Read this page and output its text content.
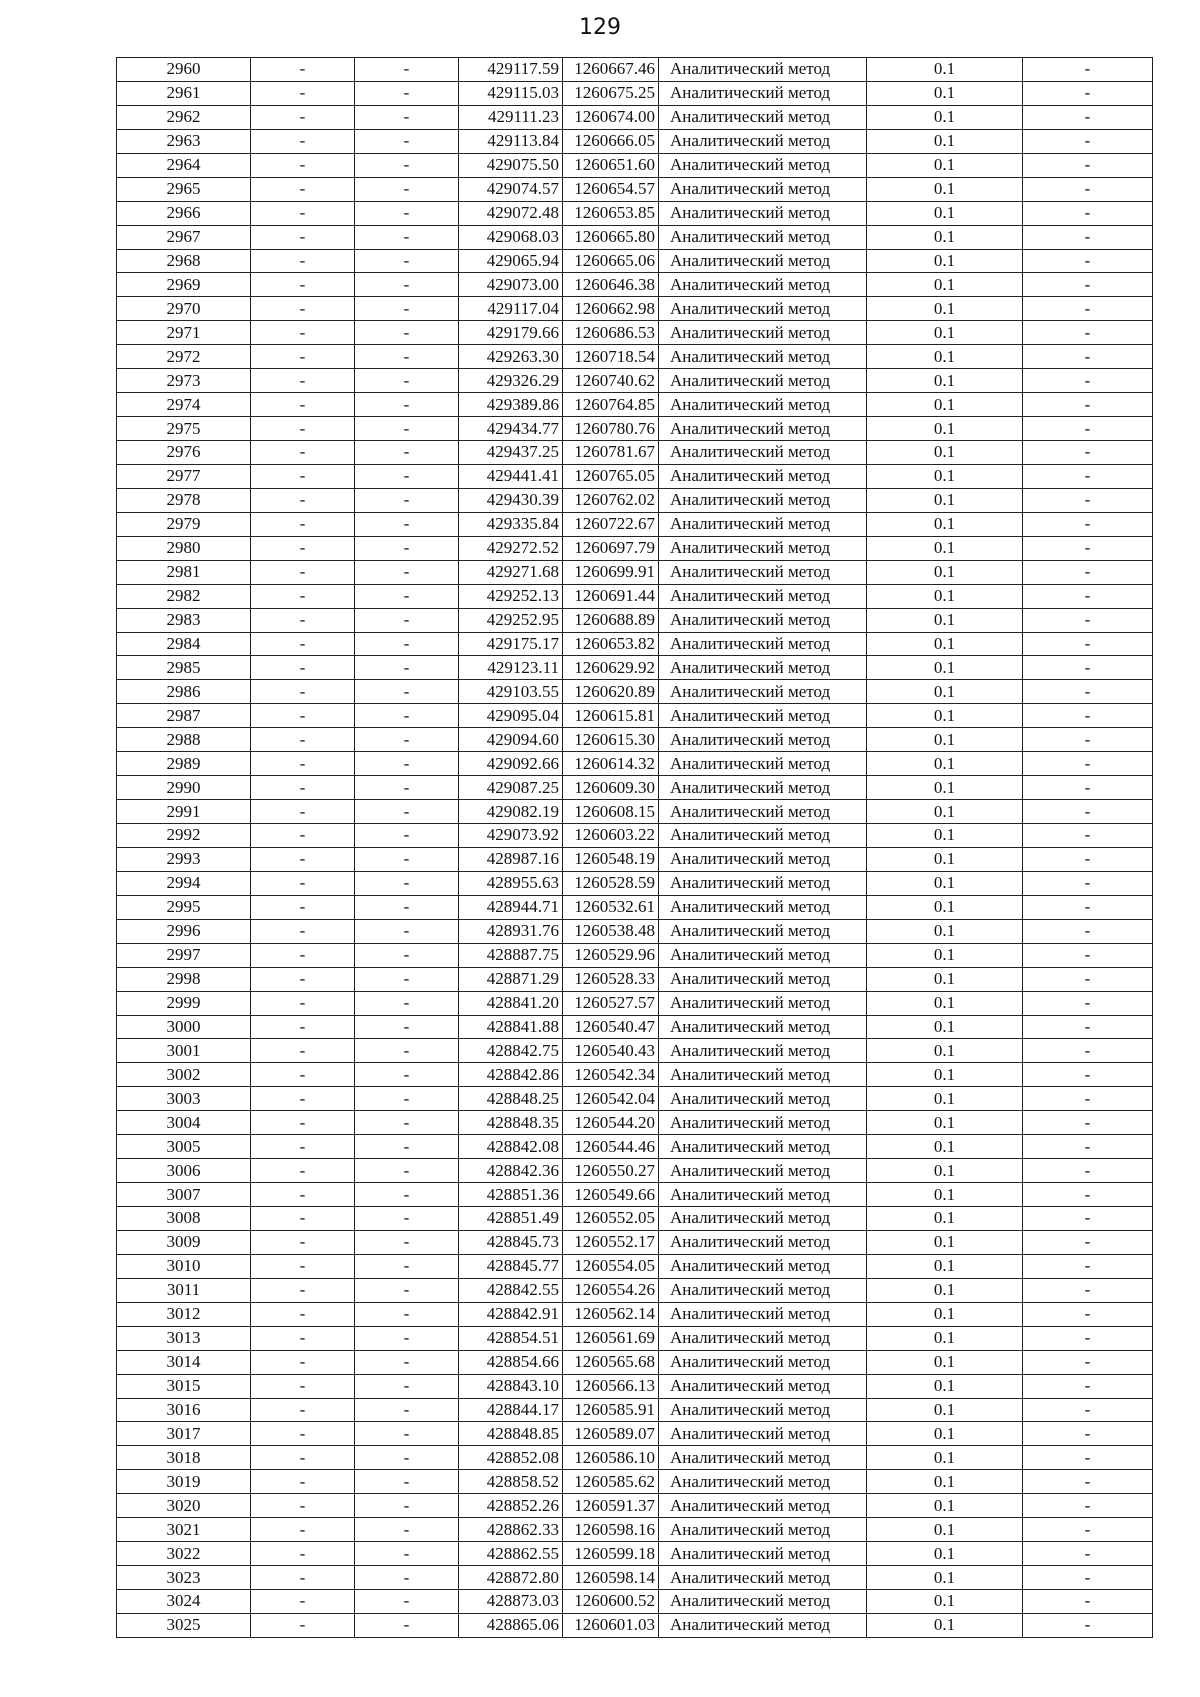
129
2960	-	-	429117.59	1260667.46	Аналитический метод	0.1	-
2961	-	-	429115.03	1260675.25	Аналитический метод	0.1	-
2962	-	-	429111.23	1260674.00	Аналитический метод	0.1	-
2963	-	-	429113.84	1260666.05	Аналитический метод	0.1	-
2964	-	-	429075.50	1260651.60	Аналитический метод	0.1	-
2965	-	-	429074.57	1260654.57	Аналитический метод	0.1	-
2966	-	-	429072.48	1260653.85	Аналитический метод	0.1	-
2967	-	-	429068.03	1260665.80	Аналитический метод	0.1	-
2968	-	-	429065.94	1260665.06	Аналитический метод	0.1	-
2969	-	-	429073.00	1260646.38	Аналитический метод	0.1	-
2970	-	-	429117.04	1260662.98	Аналитический метод	0.1	-
2971	-	-	429179.66	1260686.53	Аналитический метод	0.1	-
2972	-	-	429263.30	1260718.54	Аналитический метод	0.1	-
2973	-	-	429326.29	1260740.62	Аналитический метод	0.1	-
2974	-	-	429389.86	1260764.85	Аналитический метод	0.1	-
2975	-	-	429434.77	1260780.76	Аналитический метод	0.1	-
2976	-	-	429437.25	1260781.67	Аналитический метод	0.1	-
2977	-	-	429441.41	1260765.05	Аналитический метод	0.1	-
2978	-	-	429430.39	1260762.02	Аналитический метод	0.1	-
2979	-	-	429335.84	1260722.67	Аналитический метод	0.1	-
2980	-	-	429272.52	1260697.79	Аналитический метод	0.1	-
2981	-	-	429271.68	1260699.91	Аналитический метод	0.1	-
2982	-	-	429252.13	1260691.44	Аналитический метод	0.1	-
2983	-	-	429252.95	1260688.89	Аналитический метод	0.1	-
2984	-	-	429175.17	1260653.82	Аналитический метод	0.1	-
2985	-	-	429123.11	1260629.92	Аналитический метод	0.1	-
2986	-	-	429103.55	1260620.89	Аналитический метод	0.1	-
2987	-	-	429095.04	1260615.81	Аналитический метод	0.1	-
2988	-	-	429094.60	1260615.30	Аналитический метод	0.1	-
2989	-	-	429092.66	1260614.32	Аналитический метод	0.1	-
2990	-	-	429087.25	1260609.30	Аналитический метод	0.1	-
2991	-	-	429082.19	1260608.15	Аналитический метод	0.1	-
2992	-	-	429073.92	1260603.22	Аналитический метод	0.1	-
2993	-	-	428987.16	1260548.19	Аналитический метод	0.1	-
2994	-	-	428955.63	1260528.59	Аналитический метод	0.1	-
2995	-	-	428944.71	1260532.61	Аналитический метод	0.1	-
2996	-	-	428931.76	1260538.48	Аналитический метод	0.1	-
2997	-	-	428887.75	1260529.96	Аналитический метод	0.1	-
2998	-	-	428871.29	1260528.33	Аналитический метод	0.1	-
2999	-	-	428841.20	1260527.57	Аналитический метод	0.1	-
3000	-	-	428841.88	1260540.47	Аналитический метод	0.1	-
3001	-	-	428842.75	1260540.43	Аналитический метод	0.1	-
3002	-	-	428842.86	1260542.34	Аналитический метод	0.1	-
3003	-	-	428848.25	1260542.04	Аналитический метод	0.1	-
3004	-	-	428848.35	1260544.20	Аналитический метод	0.1	-
3005	-	-	428842.08	1260544.46	Аналитический метод	0.1	-
3006	-	-	428842.36	1260550.27	Аналитический метод	0.1	-
3007	-	-	428851.36	1260549.66	Аналитический метод	0.1	-
3008	-	-	428851.49	1260552.05	Аналитический метод	0.1	-
3009	-	-	428845.73	1260552.17	Аналитический метод	0.1	-
3010	-	-	428845.77	1260554.05	Аналитический метод	0.1	-
3011	-	-	428842.55	1260554.26	Аналитический метод	0.1	-
3012	-	-	428842.91	1260562.14	Аналитический метод	0.1	-
3013	-	-	428854.51	1260561.69	Аналитический метод	0.1	-
3014	-	-	428854.66	1260565.68	Аналитический метод	0.1	-
3015	-	-	428843.10	1260566.13	Аналитический метод	0.1	-
3016	-	-	428844.17	1260585.91	Аналитический метод	0.1	-
3017	-	-	428848.85	1260589.07	Аналитический метод	0.1	-
3018	-	-	428852.08	1260586.10	Аналитический метод	0.1	-
3019	-	-	428858.52	1260585.62	Аналитический метод	0.1	-
3020	-	-	428852.26	1260591.37	Аналитический метод	0.1	-
3021	-	-	428862.33	1260598.16	Аналитический метод	0.1	-
3022	-	-	428862.55	1260599.18	Аналитический метод	0.1	-
3023	-	-	428872.80	1260598.14	Аналитический метод	0.1	-
3024	-	-	428873.03	1260600.52	Аналитический метод	0.1	-
3025	-	-	428865.06	1260601.03	Аналитический метод	0.1	-
